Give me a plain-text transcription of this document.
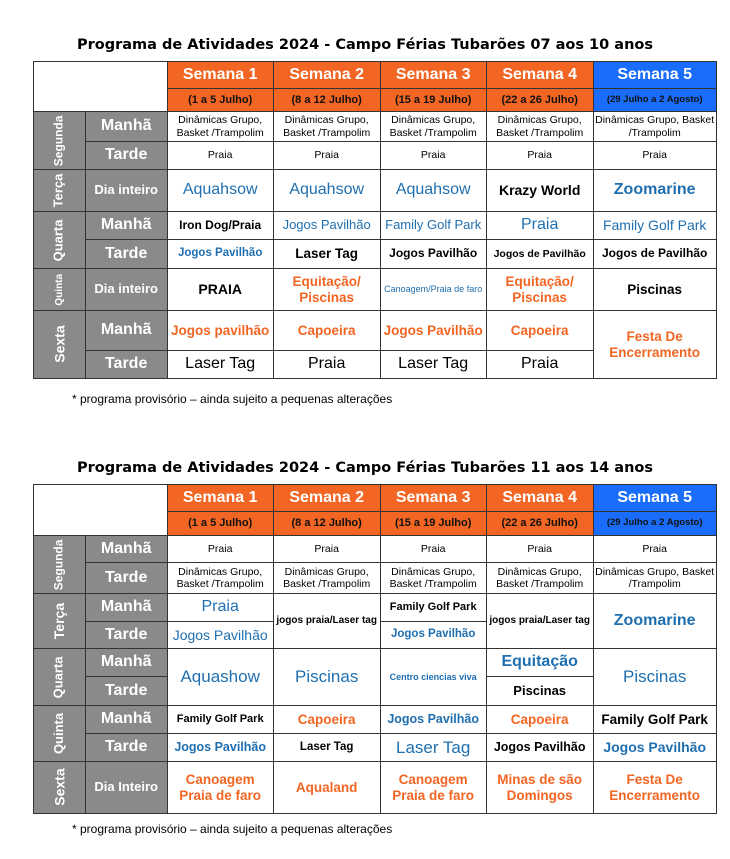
Programa de Atividades 2024 - Campo Férias Tubarões 07 aos 10 anos
		Semana 1	Semana 2	Semana 3	Semana 4	Semana 5
		(1 a 5 Julho)	(8 a 12 Julho)	(15 a 19 Julho)	(22 a 26 Julho)	(29 Julho a 2 Agosto)
Segunda	Manhã	Dinâmicas Grupo, Basket /Trampolim	Dinâmicas Grupo, Basket /Trampolim	Dinâmicas Grupo, Basket /Trampolim	Dinâmicas Grupo, Basket /Trampolim	Dinâmicas Grupo, Basket /Trampolim
	Tarde	Praia	Praia	Praia	Praia	Praia
Terça	Dia inteiro	Aquahsow	Aquahsow	Aquahsow	Krazy World	Zoomarine
Quarta	Manhã	Iron Dog/Praia	Jogos Pavilhão	Family Golf Park	Praia	Family Golf Park
	Tarde	Jogos Pavilhão	Laser Tag	Jogos Pavilhão	Jogos de Pavilhão	Jogos de Pavilhão
Quinta	Dia inteiro	PRAIA	Equitação/ Piscinas	Canoagem/Praia de faro	Equitação/ Piscinas	Piscinas
Sexta	Manhã	Jogos pavilhão	Capoeira	Jogos Pavilhão	Capoeira	Festa De Encerramento
	Tarde	Laser Tag	Praia	Laser Tag	Praia	
* programa provisório – ainda sujeito a pequenas alterações
Programa de Atividades 2024 - Campo Férias Tubarões 11 aos 14 anos
		Semana 1	Semana 2	Semana 3	Semana 4	Semana 5
		(1 a 5 Julho)	(8 a 12 Julho)	(15 a 19 Julho)	(22 a 26 Julho)	(29 Julho a 2 Agosto)
Segunda	Manhã	Praia	Praia	Praia	Praia	Praia
	Tarde	Dinâmicas Grupo, Basket /Trampolim	Dinâmicas Grupo, Basket /Trampolim	Dinâmicas Grupo, Basket /Trampolim	Dinâmicas Grupo, Basket /Trampolim	Dinâmicas Grupo, Basket /Trampolim
Terça	Manhã	Praia	jogos praia/Laser tag	Family Golf Park	jogos praia/Laser tag	Zoomarine
	Tarde	Jogos Pavilhão		Jogos Pavilhão		
Quarta	Manhã	Aquashow	Piscinas	Centro ciencias viva	Equitação	Piscinas
	Tarde				Piscinas	
Quinta	Manhã	Family Golf Park	Capoeira	Jogos Pavilhão	Capoeira	Family Golf Park
	Tarde	Jogos Pavilhão	Laser Tag	Laser Tag	Jogos Pavilhão	Jogos Pavilhão
Sexta	Dia Inteiro	Canoagem Praia de faro	Aqualand	Canoagem Praia de faro	Minas de são Domingos	Festa De Encerramento
* programa provisório – ainda sujeito a pequenas alterações
